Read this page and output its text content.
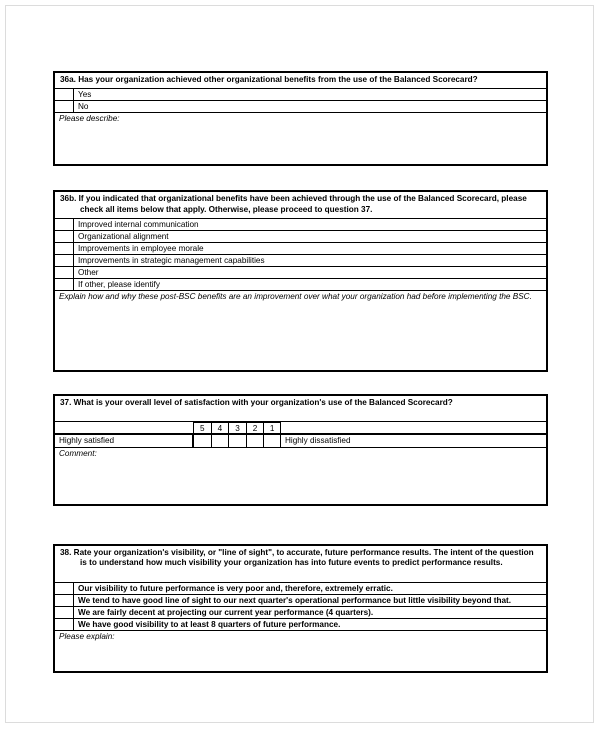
36a. Has your organization achieved other organizational benefits from the use of the Balanced Scorecard?
Yes
No
Please describe:
36b. If you indicated that organizational benefits have been achieved through the use of the Balanced Scorecard, please check all items below that apply. Otherwise, please proceed to question 37.
Improved internal communication
Organizational alignment
Improvements in employee morale
Improvements in strategic management capabilities
Other
If other, please identify
Explain how and why these post-BSC benefits are an improvement over what your organization had before implementing the BSC.
37. What is your overall level of satisfaction with your organization's use of the Balanced Scorecard?
5	4	3	2	1
Highly satisfied	Highly dissatisfied
Comment:
38. Rate your organization's visibility, or "line of sight", to accurate, future performance results. The intent of the question is to understand how much visibility your organization has into future events to predict performance results.
Our visibility to future performance is very poor and, therefore, extremely erratic.
We tend to have good line of sight to our next quarter's operational performance but little visibility beyond that.
We are fairly decent at projecting our current year performance (4 quarters).
We have good visibility to at least 8 quarters of future performance.
Please explain:
